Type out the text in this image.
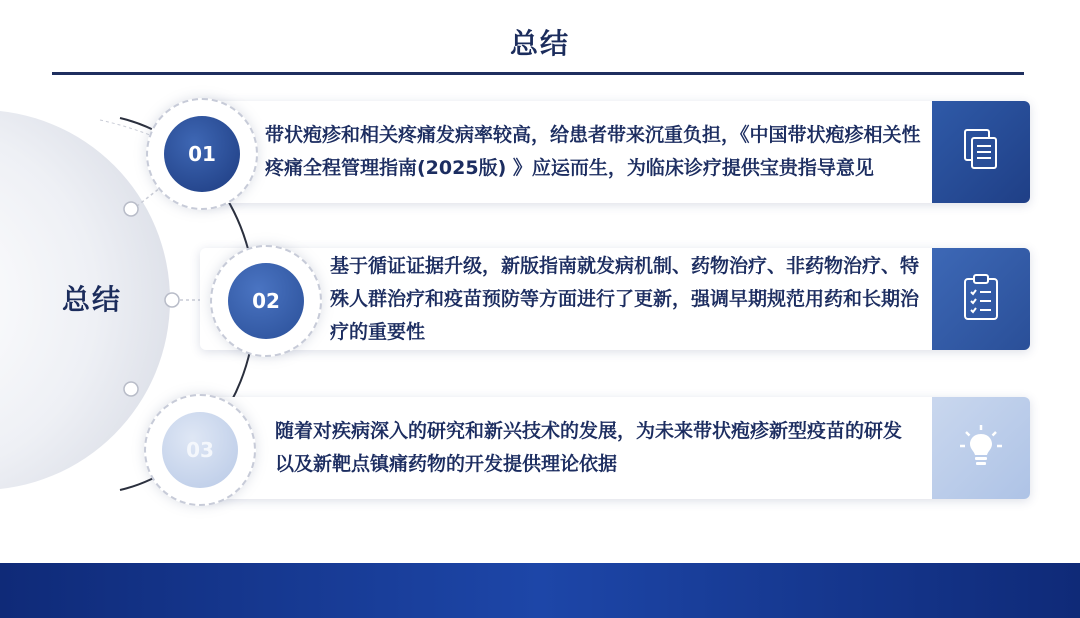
总结
总结
带状疱疹和相关疼痛发病率较高，给患者带来沉重负担，《中国带状疱疹相关性疼痛全程管理指南(2025版) 》应运而生，为临床诊疗提供宝贵指导意见
01
基于循证证据升级，新版指南就发病机制、药物治疗、非药物治疗、特殊人群治疗和疫苗预防等方面进行了更新，强调早期规范用药和长期治疗的重要性
02
随着对疾病深入的研究和新兴技术的发展，为未来带状疱疹新型疫苗的研发以及新靶点镇痛药物的开发提供理论依据
03
